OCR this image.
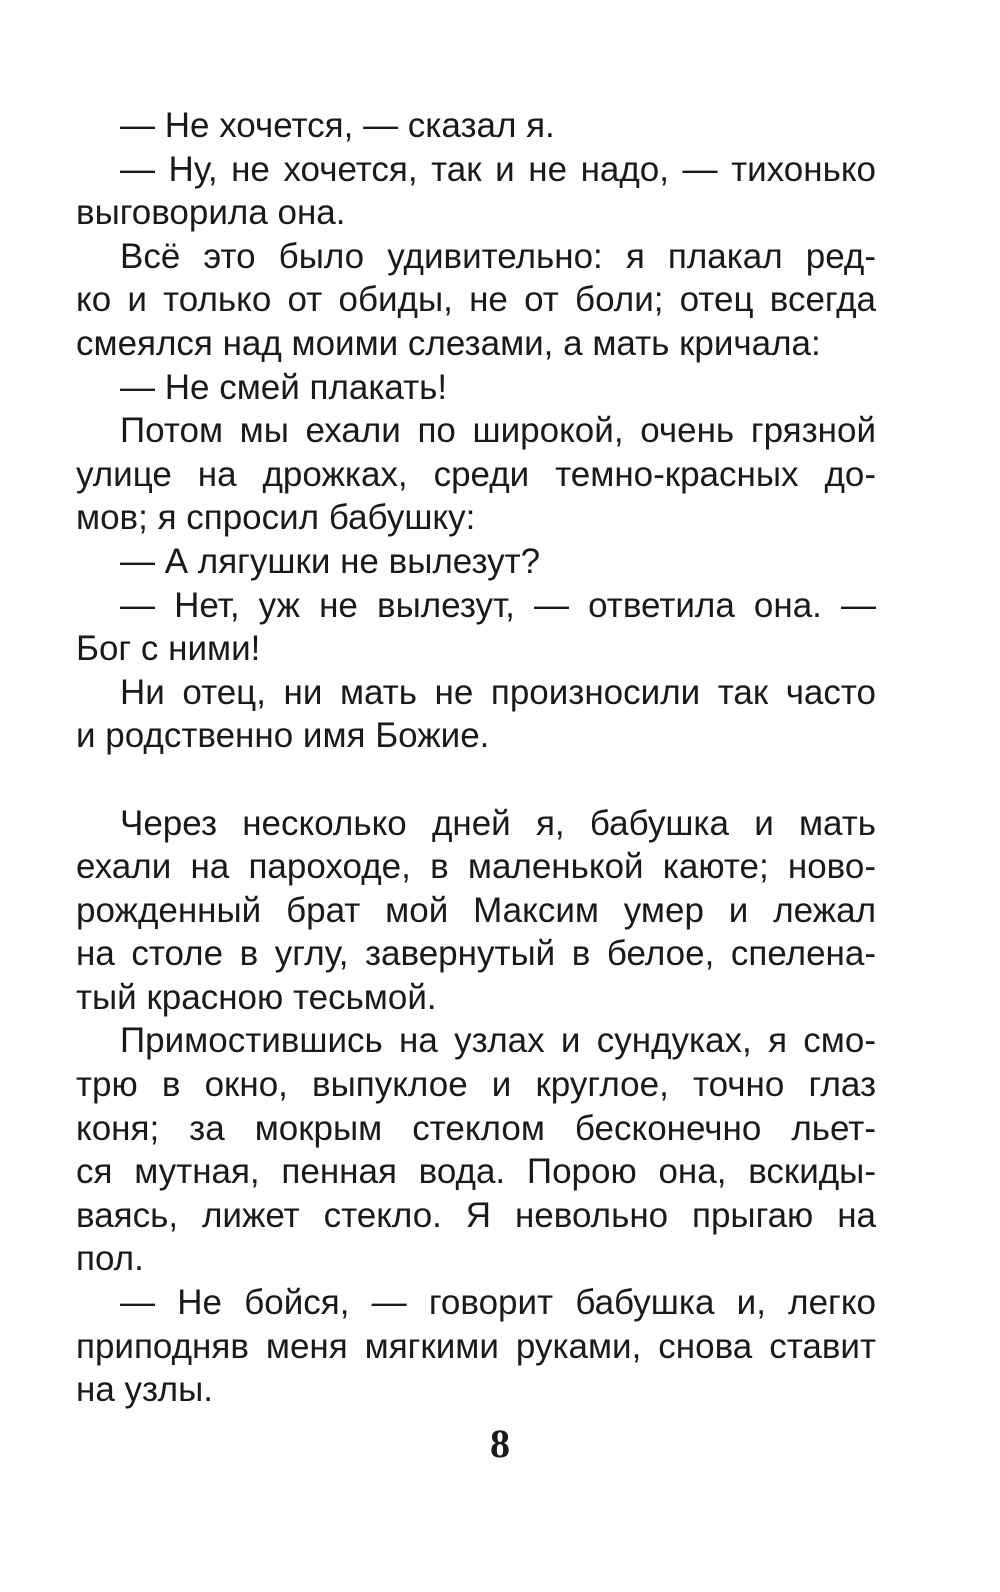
— Не хочется, — сказал я.
— Ну, не хочется, так и не надо, — тихонько
выговорила она.
Всё это было удивительно: я плакал ред-
ко и только от обиды, не от боли; отец всегда
смеялся над моими слезами, а мать кричала:
— Не смей плакать!
Потом мы ехали по широкой, очень грязной
улице на дрожках, среди темно-красных до-
мов; я спросил бабушку:
— А лягушки не вылезут?
— Нет, уж не вылезут, — ответила она. —
Бог с ними!
Ни отец, ни мать не произносили так часто
и родственно имя Божие.
Через несколько дней я, бабушка и мать
ехали на пароходе, в маленькой каюте; ново-
рожденный брат мой Максим умер и лежал
на столе в углу, завернутый в белое, спелена-
тый красною тесьмой.
Примостившись на узлах и сундуках, я смо-
трю в окно, выпуклое и круглое, точно глаз
коня; за мокрым стеклом бесконечно льет-
ся мутная, пенная вода. Порою она, вскиды-
ваясь, лижет стекло. Я невольно прыгаю на
пол.
— Не бойся, — говорит бабушка и, легко
приподняв меня мягкими руками, снова ставит
на узлы.
8
